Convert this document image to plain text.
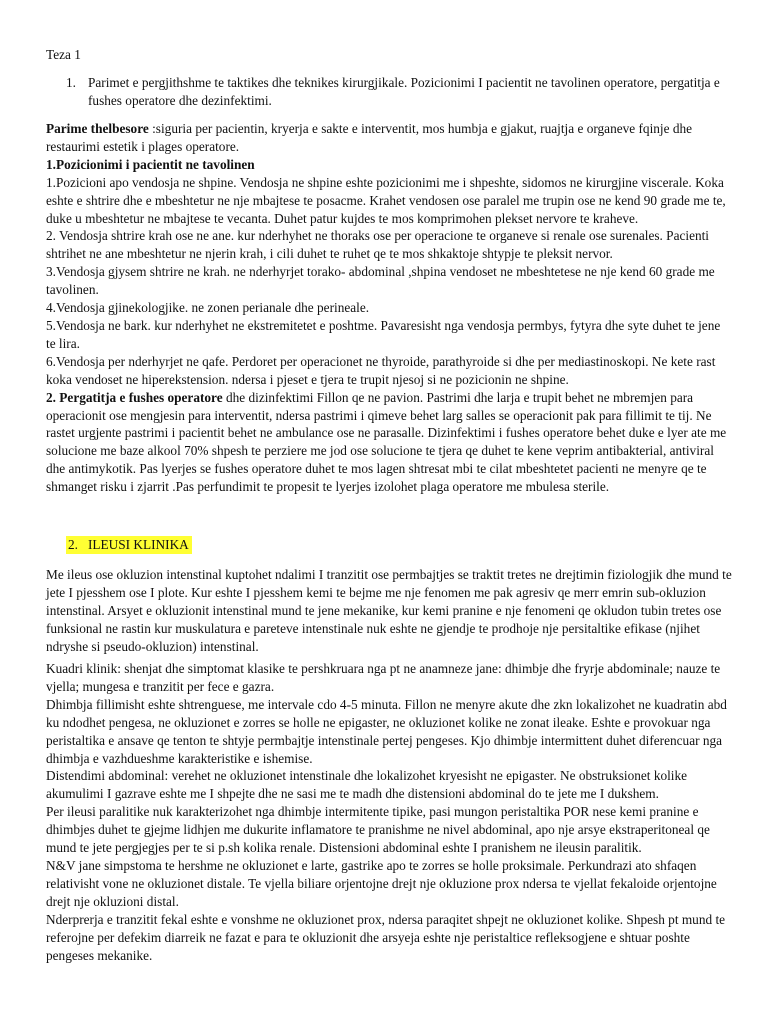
Teza 1
1. Parimet e pergjithshme te taktikes dhe teknikes kirurgjikale. Pozicionimi I pacientit ne tavolinen operatore, pergatitja e fushes operatore dhe dezinfektimi.

Parime thelbesore :siguria per pacientin, kryerja e sakte e interventit, mos humbja e gjakut, ruajtja e organeve fqinje dhe restaurimi estetik i plages operatore.

1.Pozicionimi i pacientit ne tavolinen

1.Pozicioni apo vendosja ne shpine. Vendosja ne shpine eshte pozicionimi me i shpeshte, sidomos ne kirurgjine viscerale. Koka eshte e shtrire dhe e mbeshtetur ne nje mbajtese te posacme. Krahet vendosen ose paralel me trupin ose ne kend 90 grade me te, duke u mbeshtetur ne mbajtese te vecanta. Duhet patur kujdes te mos komprimohen plekset nervore te kraheve.

2. Vendosja shtrire krah ose ne ane. kur nderhyhet ne thoraks ose per operacione te organeve si renale ose surenales. Pacienti shtrihet ne ane mbeshtetur ne njerin krah, i cili duhet te ruhet qe te mos shkaktoje shtypje te pleksit nervor.

3.Vendosja gjysem shtrire ne krah. ne nderhyrjet torako- abdominal ,shpina vendoset ne mbeshtetese ne nje kend 60 grade me tavolinen.

4.Vendosja gjinekologjike. ne zonen perianale dhe perineale.

5.Vendosja ne bark. kur nderhyhet ne ekstremitetet e poshtme. Pavaresisht nga vendosja permbys, fytyra dhe syte duhet te jene te lira.

6.Vendosja per nderhyrjet ne qafe. Perdoret per operacionet ne thyroide, parathyroide si dhe per mediastinoskopi. Ne kete rast koka vendoset ne hiperekstension. ndersa i pjeset e tjera te trupit njesoj si ne pozicionin ne shpine.

2. Pergatitja e fushes operatore dhe dizinfektimi Fillon qe ne pavion. Pastrimi dhe larja e trupit behet ne mbremjen para operacionit ose mengjesin para interventit, ndersa pastrimi i qimeve behet larg salles se operacionit pak para fillimit te tij. Ne rastet urgjente pastrimi i pacientit behet ne ambulance ose ne parasalle. Dizinfektimi i fushes operatore behet duke e lyer ate me solucione me baze alkool 70% shpesh te perziere me jod ose solucione te tjera qe duhet te kene veprim antibakterial, antiviral dhe antimykotik. Pas lyerjes se fushes operatore duhet te mos lagen shtresat mbi te cilat mbeshtetet pacienti ne menyre qe te shmanget risku i zjarrit .Pas perfundimit te propesit te lyerjes izolohet plaga operatore me mbulesa sterile.

2. ILEUSI KLINIKA

Me ileus ose okluzion intenstinal kuptohet ndalimi I tranzitit ose permbajtjes se traktit tretes ne drejtimin fiziologjik dhe mund te jete I pjesshem ose I plote. Kur eshte I pjesshem kemi te bejme me nje fenomen me pak agresiv qe merr emrin sub-okluzion intenstinal. Arsyet e okluzionit intenstinal mund te jene mekanike, kur kemi pranine e nje fenomeni qe okludon tubin tretes ose funksional ne rastin kur muskulatura e pareteve intenstinale nuk eshte ne gjendje te prodhoje nje persitaltike efikase (njihet ndryshe si pseudo-okluzion) intenstinal.

Kuadri klinik: shenjat dhe simptomat klasike te pershkruara nga pt ne anamneze jane: dhimbje dhe fryrje abdominale; nauze te vjella; mungesa e tranzitit per fece e gazra.

Dhimbja fillimisht eshte shtrenguese, me intervale cdo 4-5 minuta. Fillon ne menyre akute dhe zkn lokalizohet ne kuadratin abd ku ndodhet pengesa, ne okluzionet e zorres se holle ne epigaster, ne okluzionet kolike ne zonat ileake. Eshte e provokuar nga peristaltika e ansave qe tenton te shtyje permbajtje intenstinale pertej pengeses. Kjo dhimbje intermittent duhet diferencuar nga dhimbja e vazhdueshme karakteristike e ishemise.

Distendimi abdominal: verehet ne okluzionet intenstinale dhe lokalizohet kryesisht ne epigaster. Ne obstruksionet kolike akumulimi I gazrave eshte me I shpejte dhe ne sasi me te madh dhe distensioni abdominal do te jete me I dukshem.

Per ileusi paralitike nuk karakterizohet nga dhimbje intermitente tipike, pasi mungon peristaltika POR nese kemi pranine e dhimbjes duhet te gjejme lidhjen me dukurite inflamatore te pranishme ne nivel abdominal, apo nje arsye ekstraperitoneal qe mund te jete pergjegjes per te si p.sh kolika renale. Distensioni abdominal eshte I pranishem ne ileusin paralitik.

N&V jane simpstoma te hershme ne okluzionet e larte, gastrike apo te zorres se holle proksimale. Perkundrazi ato shfaqen relativisht vone ne okluzionet distale. Te vjella biliare orjentojne drejt nje okluzione prox ndersa te vjellat fekaloide orjentojne drejt nje okluzioni distal.

Nderprerja e tranzitit fekal eshte e vonshme ne okluzionet prox, ndersa paraqitet shpejt ne okluzionet kolike. Shpesh pt mund te referojne per defekim diarreik ne fazat e para te okluzionit dhe arsyeja eshte nje peristaltice refleksogjene e shtuar poshte pengeses mekanike.
